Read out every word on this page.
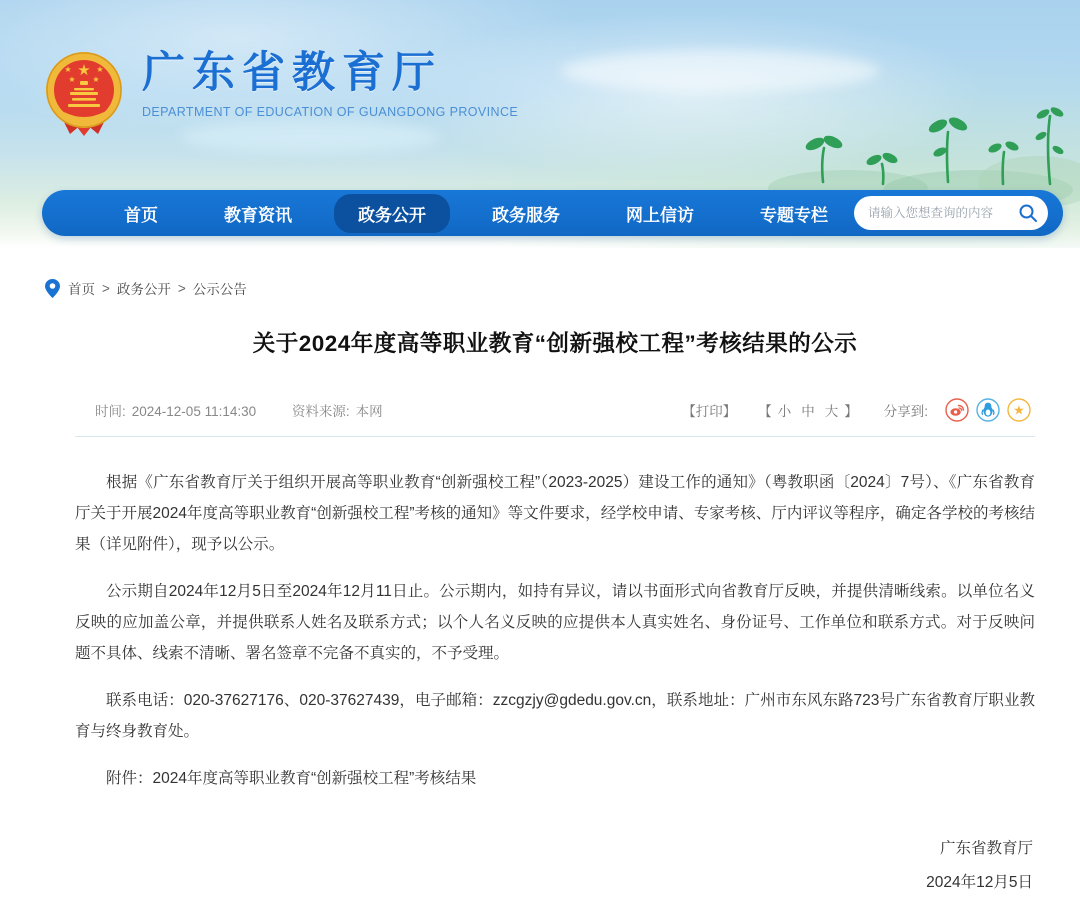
★
★	★
★ ★ 广东省教育厅
DEPARTMENT OF EDUCATION OF GUANGDONG PROVINCE
首页	教育资讯	政务公开	政务服务	网上信访	专题专栏
请输入您想查询的内容
首页 > 政务公开 > 公示公告
关于2024年度高等职业教育“创新强校工程”考核结果的公示
时间: 2024-12-05 11:14:30	资料来源: 本网	【打印】 【 小 中 大 】 分享到:	★

根据《广东省教育厅关于组织开展高等职业教育“创新强校工程”（2023-2025）建设工作的通知》（粤教职函〔2024〕7号）、《广东省教育厅关于开展2024年度高等职业教育“创新强校工程”考核的通知》等文件要求，经学校申请、专家考核、厅内评议等程序，确定各学校的考核结果（详见附件），现予以公示。

公示期自2024年12月5日至2024年12月11日止。公示期内，如持有异议，请以书面形式向省教育厅反映，并提供清晰线索。以单位名义反映的应加盖公章，并提供联系人姓名及联系方式；以个人名义反映的应提供本人真实姓名、身份证号、工作单位和联系方式。对于反映问题不具体、线索不清晰、署名签章不完备不真实的，不予受理。

联系电话：020-37627176、020-37627439，电子邮箱：zzcgzjy@gdedu.gov.cn，联系地址：广州市东风东路723号广东省教育厅职业教育与终身教育处。

附件：2024年度高等职业教育“创新强校工程”考核结果

广东省教育厅
2024年12月5日
